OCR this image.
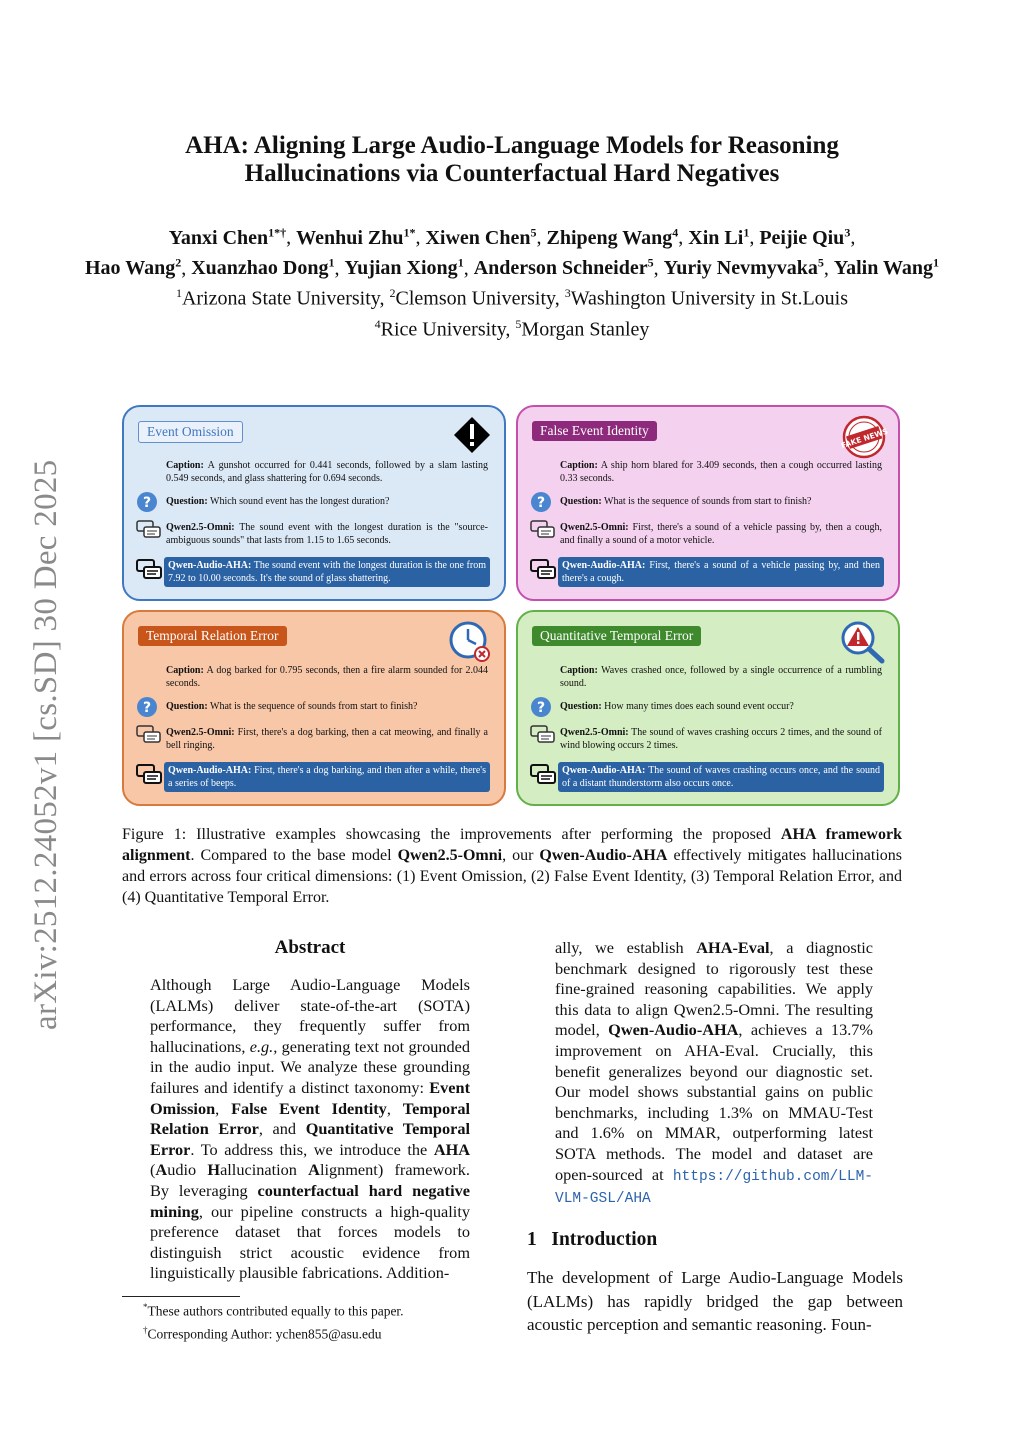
arXiv:2512.24052v1 [cs.SD] 30 Dec 2025
AHA: Aligning Large Audio-Language Models for Reasoning
Hallucinations via Counterfactual Hard Negatives
Yanxi Chen$^{1*\dagger}$, Wenhui Zhu$^{1*}$, Xiwen Chen$^5$, Zhipeng Wang$^4$, Xin Li$^1$, Peijie Qiu$^3$,
Hao Wang$^2$, Xuanzhao Dong$^1$, Yujian Xiong$^1$, Anderson Schneider$^5$, Yuriy Nevmyvaka$^5$, Yalin Wang$^1$
$^1$Arizona State University, $^2$Clemson University, $^3$Washington University in St.Louis
$^4$Rice University, $^5$Morgan Stanley
Event Omission
Caption: A gunshot occurred for 0.441 seconds, followed by a slam lasting 0.549 seconds, and glass shattering for 0.694 seconds.
? Question: Which sound event has the longest duration?
Qwen2.5-Omni: The sound event with the longest duration is the "source-ambiguous sounds" that lasts from 1.15 to 1.65 seconds.
Qwen-Audio-AHA: The sound event with the longest duration is the one from 7.92 to 10.00 seconds. It's the sound of glass shattering.
False Event Identity	FAKE NEWS
Caption: A ship horn blared for 3.409 seconds, then a cough occurred lasting 0.33 seconds.
? Question: What is the sequence of sounds from start to finish?
Qwen2.5-Omni: First, there's a sound of a vehicle passing by, then a cough, and finally a sound of a motor vehicle.
Qwen-Audio-AHA: First, there's a sound of a vehicle passing by, and then there's a cough.
Temporal Relation Error
Caption: A dog barked for 0.795 seconds, then a fire alarm sounded for 2.044 seconds.
? Question: What is the sequence of sounds from start to finish?
Qwen2.5-Omni: First, there's a dog barking, then a cat meowing, and finally a bell ringing.
Qwen-Audio-AHA: First, there's a dog barking, and then after a while, there's a series of beeps.
Quantitative Temporal Error
Caption: Waves crashed once, followed by a single occurrence of a rumbling sound.
? Question: How many times does each sound event occur?
Qwen2.5-Omni: The sound of waves crashing occurs 2 times, and the sound of wind blowing occurs 2 times.
Qwen-Audio-AHA: The sound of waves crashing occurs once, and the sound of a distant thunderstorm also occurs once.
Figure 1: Illustrative examples showcasing the improvements after performing the proposed AHA framework alignment. Compared to the base model Qwen2.5-Omni, our Qwen-Audio-AHA effectively mitigates hallucinations and errors across four critical dimensions: (1) Event Omission, (2) False Event Identity, (3) Temporal Relation Error, and (4) Quantitative Temporal Error.
Abstract
Although Large Audio-Language Models (LALMs) deliver state-of-the-art (SOTA) performance, they frequently suffer from hallucinations, e.g., generating text not grounded in the audio input. We analyze these grounding failures and identify a distinct taxonomy: Event Omission, False Event Identity, Temporal Relation Error, and Quantitative Temporal Error. To address this, we introduce the AHA (Audio Hallucination Alignment) framework. By leveraging counterfactual hard negative mining, our pipeline constructs a high-quality preference dataset that forces models to distinguish strict acoustic evidence from linguistically plausible fabrications. Addition-
ally, we establish AHA-Eval, a diagnostic benchmark designed to rigorously test these fine-grained reasoning capabilities. We apply this data to align Qwen2.5-Omni. The resulting model, Qwen-Audio-AHA, achieves a 13.7% improvement on AHA-Eval. Crucially, this benefit generalizes beyond our diagnostic set. Our model shows substantial gains on public benchmarks, including 1.3% on MMAU-Test and 1.6% on MMAR, outperforming latest SOTA methods. The model and dataset are open-sourced at https://github.com/LLM-VLM-GSL/AHA
1 Introduction
The development of Large Audio-Language Models (LALMs) has rapidly bridged the gap between acoustic perception and semantic reasoning. Foun-
*These authors contributed equally to this paper.
†Corresponding Author: ychen855@asu.edu
